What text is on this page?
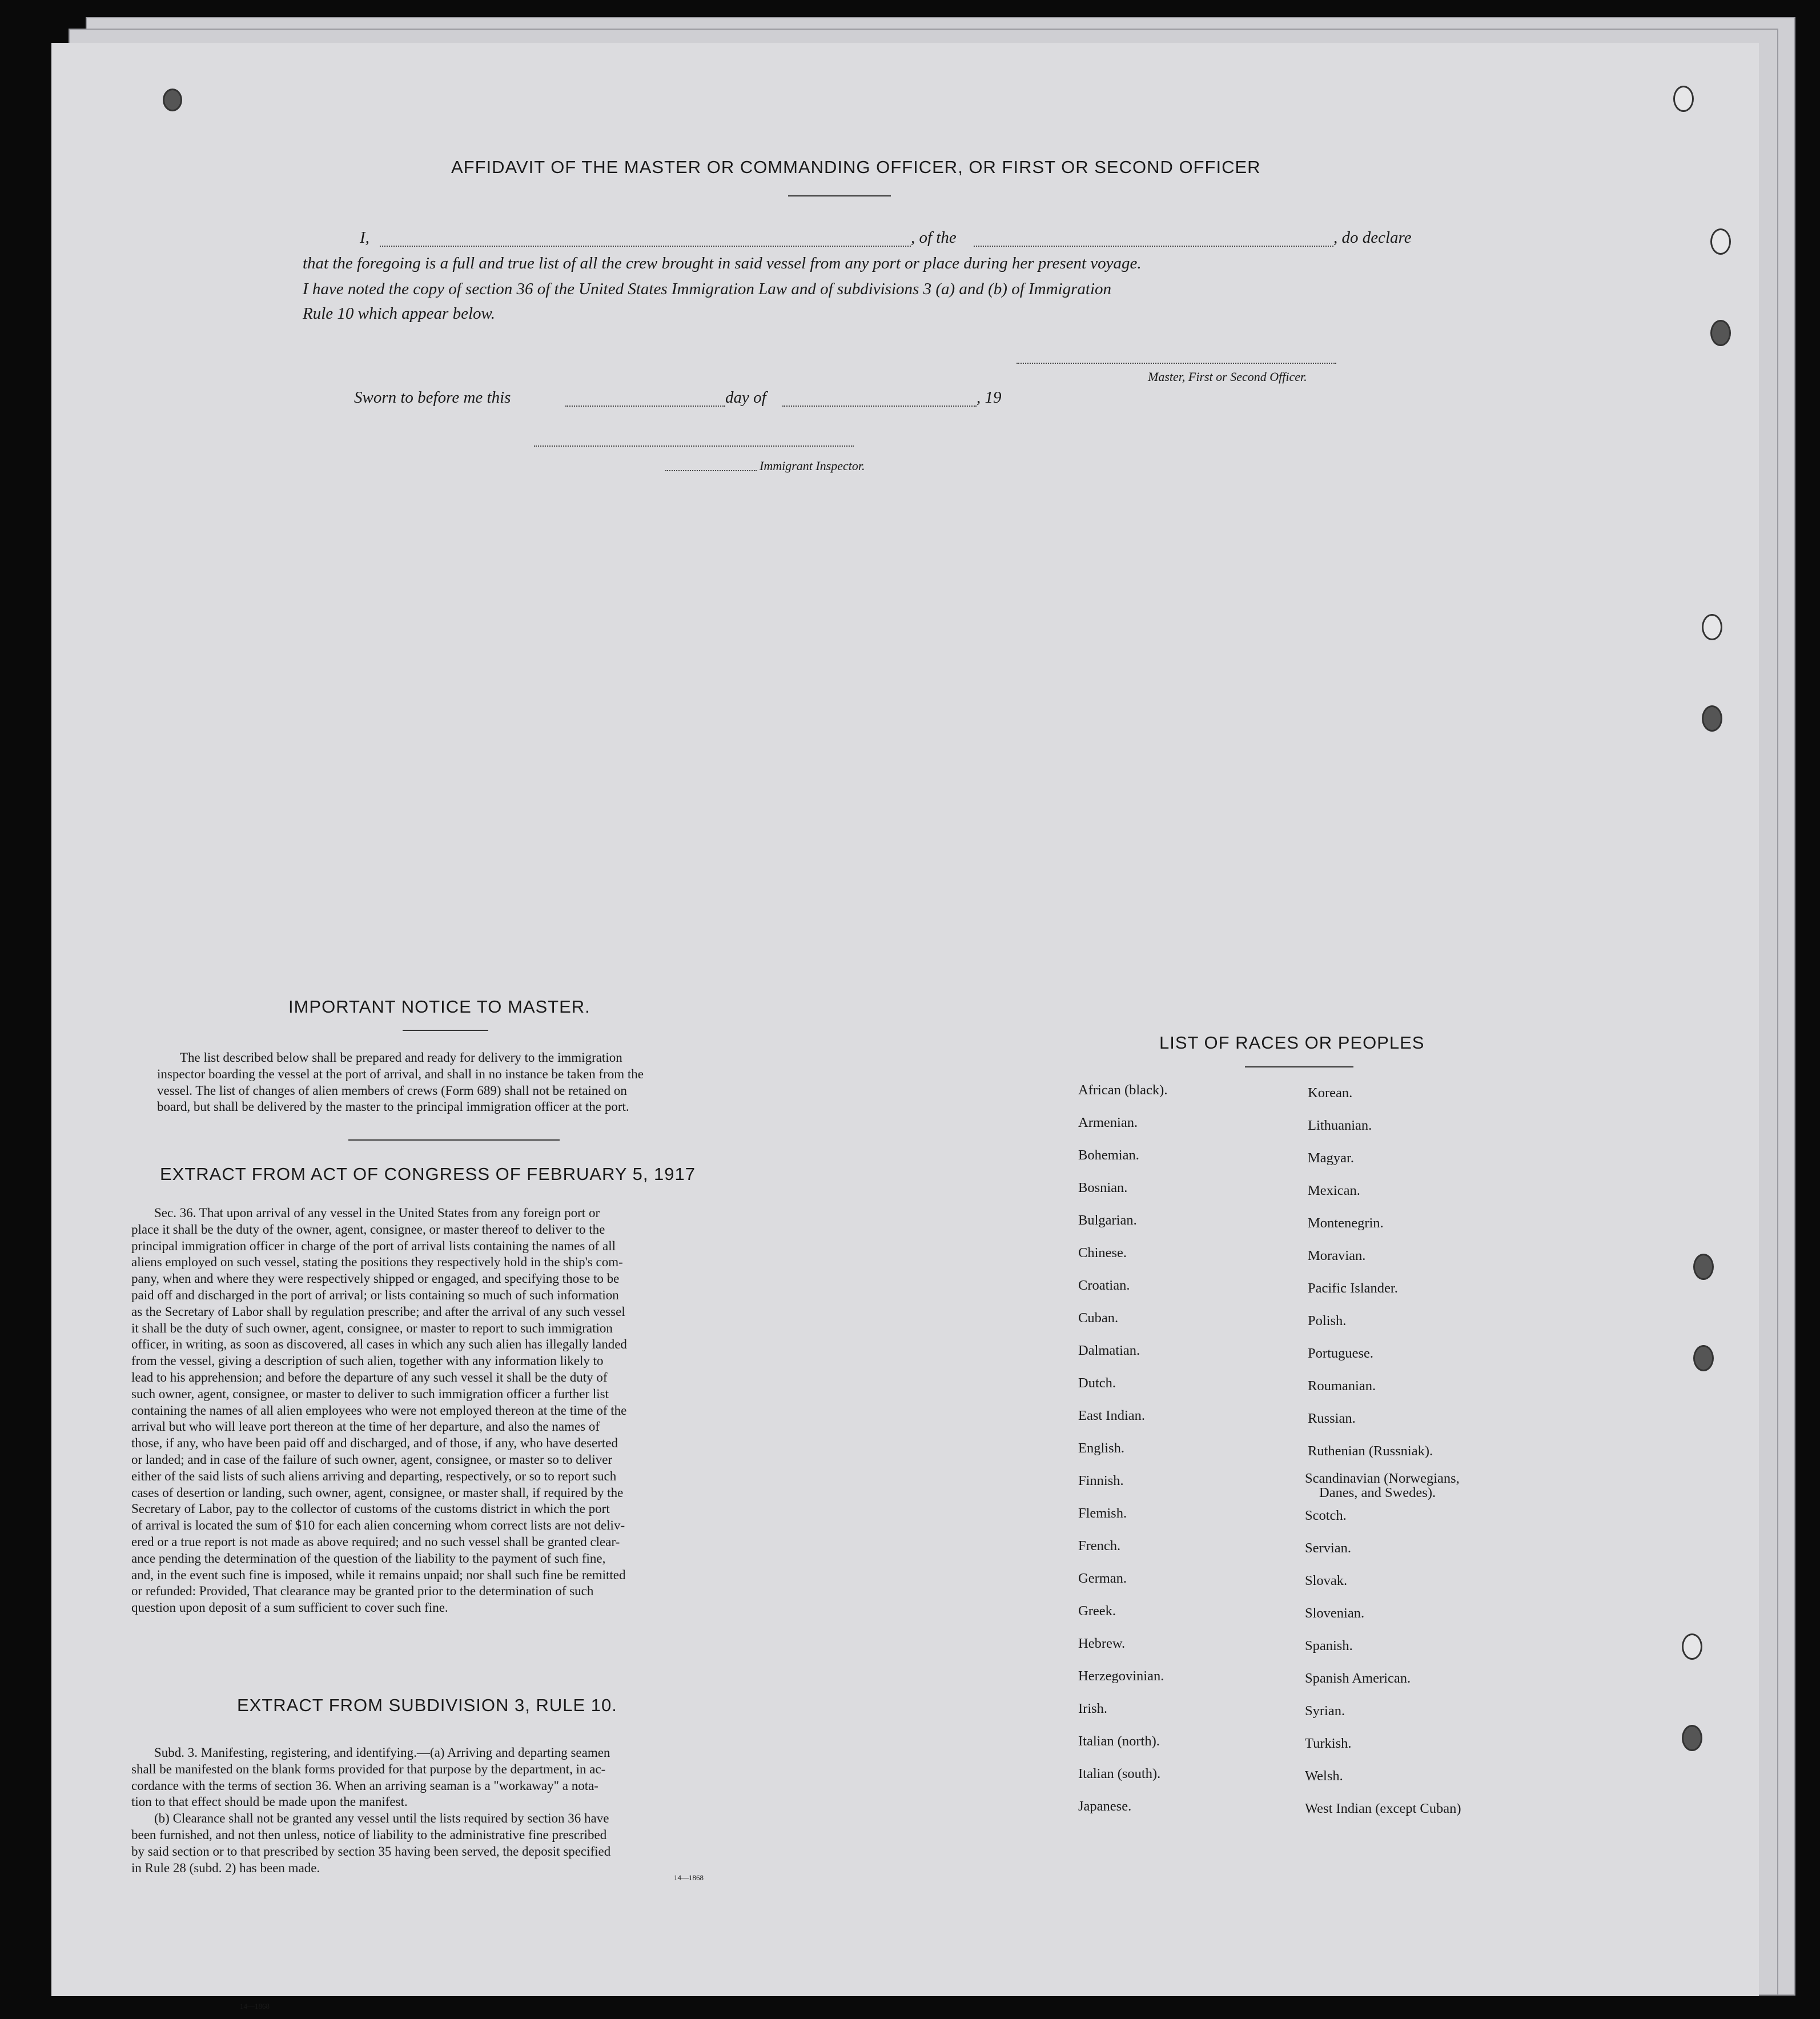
AFFIDAVIT OF THE MASTER OR COMMANDING OFFICER, OR FIRST OR SECOND OFFICER
I,	, of the	, do declare
that the foregoing is a full and true list of all the crew brought in said vessel from any port or place during her present voyage.
I have noted the copy of section 36 of the United States Immigration Law and of subdivisions 3 (a) and (b) of Immigration
Rule 10 which appear below.
Master, First or Second Officer.
Sworn to before me this	day of	, 19
Immigrant Inspector.
IMPORTANT NOTICE TO MASTER.
The list described below shall be prepared and ready for delivery to the immigration
inspector boarding the vessel at the port of arrival, and shall in no instance be taken from the
vessel. The list of changes of alien members of crews (Form 689) shall not be retained on
board, but shall be delivered by the master to the principal immigration officer at the port.
EXTRACT FROM ACT OF CONGRESS OF FEBRUARY 5, 1917
Sec. 36. That upon arrival of any vessel in the United States from any foreign port or
place it shall be the duty of the owner, agent, consignee, or master thereof to deliver to the
principal immigration officer in charge of the port of arrival lists containing the names of all
aliens employed on such vessel, stating the positions they respectively hold in the ship's com-
pany, when and where they were respectively shipped or engaged, and specifying those to be
paid off and discharged in the port of arrival; or lists containing so much of such information
as the Secretary of Labor shall by regulation prescribe; and after the arrival of any such vessel
it shall be the duty of such owner, agent, consignee, or master to report to such immigration
officer, in writing, as soon as discovered, all cases in which any such alien has illegally landed
from the vessel, giving a description of such alien, together with any information likely to
lead to his apprehension; and before the departure of any such vessel it shall be the duty of
such owner, agent, consignee, or master to deliver to such immigration officer a further list
containing the names of all alien employees who were not employed thereon at the time of the
arrival but who will leave port thereon at the time of her departure, and also the names of
those, if any, who have been paid off and discharged, and of those, if any, who have deserted
or landed; and in case of the failure of such owner, agent, consignee, or master so to deliver
either of the said lists of such aliens arriving and departing, respectively, or so to report such
cases of desertion or landing, such owner, agent, consignee, or master shall, if required by the
Secretary of Labor, pay to the collector of customs of the customs district in which the port
of arrival is located the sum of $10 for each alien concerning whom correct lists are not deliv-
ered or a true report is not made as above required; and no such vessel shall be granted clear-
ance pending the determination of the question of the liability to the payment of such fine,
and, in the event such fine is imposed, while it remains unpaid; nor shall such fine be remitted
or refunded: Provided, That clearance may be granted prior to the determination of such
question upon deposit of a sum sufficient to cover such fine.
EXTRACT FROM SUBDIVISION 3, RULE 10.
Subd. 3. Manifesting, registering, and identifying.—(a) Arriving and departing seamen
shall be manifested on the blank forms provided for that purpose by the department, in ac-
cordance with the terms of section 36. When an arriving seaman is a "workaway" a nota-
tion to that effect should be made upon the manifest.
(b) Clearance shall not be granted any vessel until the lists required by section 36 have
been furnished, and not then unless, notice of liability to the administrative fine prescribed
by said section or to that prescribed by section 35 having been served, the deposit specified
in Rule 28 (subd. 2) has been made.
14—1868
14—1868
LIST OF RACES OR PEOPLES
African (black).
Armenian.
Bohemian.
Bosnian.
Bulgarian.
Chinese.
Croatian.
Cuban.
Dalmatian.
Dutch.
East Indian.
English.
Finnish.
Flemish.
French.
German.
Greek.
Hebrew.
Herzegovinian.
Irish.
Italian (north).
Italian (south).
Japanese.
Korean.
Lithuanian.
Magyar.
Mexican.
Montenegrin.
Moravian.
Pacific Islander.
Polish.
Portuguese.
Roumanian.
Russian.
Ruthenian (Russniak).
Scandinavian (Norwegians,
Danes, and Swedes).
Scotch.
Servian.
Slovak.
Slovenian.
Spanish.
Spanish American.
Syrian.
Turkish.
Welsh.
West Indian (except Cuban)
